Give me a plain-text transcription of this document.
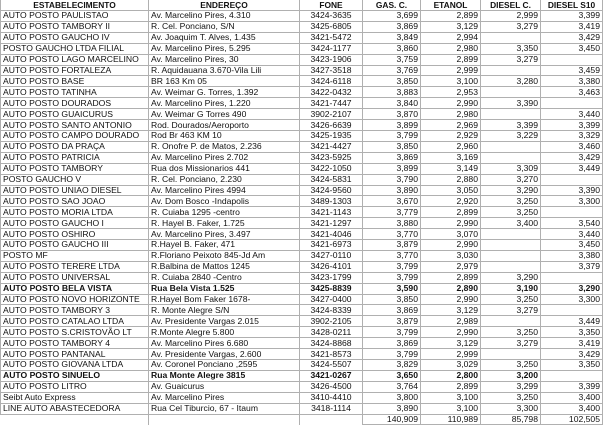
ESTABELECIMENTO	ENDEREÇO	FONE	GAS. C.	ETANOL	DIESEL C.	DIESEL S10
AUTO POSTO PAULISTAO	Av. Marcelino Pires, 4.310	3424-3635	3,699	2,899	2,999	3,399
AUTO POSTO TAMBORY II	R. Cel. Ponciano, S/N	3425-6805	3,869	3,129	3,279	3,419
AUTO POSTO GAUCHO IV	Av. Joaquim T. Alves, 1.435	3421-5472	3,849	2,994		3,429
POSTO GAUCHO LTDA FILIAL	Av. Marcelino Pires, 5.295	3424-1177	3,860	2,980	3,350	3,450
AUTO POSTO LAGO MARCELINO	Av. Marcelino Pires, 30	3423-1906	3,759	2,899	3,279	
AUTO POSTO FORTALEZA	R. Aquidauana 3.670-Vila Lili	3427-3518	3,769	2,999		3,459
AUTO POSTO BASE	BR 163 Km 05	3424-6118	3,850	3,100	3,280	3,380
AUTO POSTO TATINHA	Av. Weimar G. Torres, 1.392	3422-0432	3,883	2,953		3,463
AUTO POSTO DOURADOS	Av. Marcelino Pires, 1.220	3421-7447	3,840	2,990	3,390	
AUTO POSTO GUAICURUS	Av. Weimar G Torres 490	3902-2107	3,870	2,980		3,440
AUTO POSTO SANTO ANTONIO	Rod. Dourados/Aeroporto	3426-6639	3,899	2,969	3,399	3,399
AUTO POSTO CAMPO DOURADO	Rod Br 463 KM 10	3425-1935	3,799	2,929	3,229	3,329
AUTO POSTO DA PRAÇA	R. Onofre P. de Matos, 2.236	3421-4427	3,850	2,960		3,460
AUTO POSTO PATRICIA	Av. Marcelino Pires 2.702	3423-5925	3,869	3,169		3,429
AUTO POSTO TAMBORY	Rua dos Missionarios 441	3422-1050	3,899	3,149	3,309	3,449
POSTO GAUCHO V	R. Cel. Ponciano, 2.230	3424-5831	3,790	2,880	3,270	
AUTO POSTO UNIAO DIESEL	Av. Marcelino Pires 4994	3424-9560	3,890	3,050	3,290	3,390
AUTO POSTO SAO JOAO	Av. Dom Bosco -Indapolis	3489-1303	3,670	2,920	3,250	3,300
AUTO POSTO MORIA LTDA	R. Cuiaba 1295 -centro	3421-1143	3,779	2,899	3,250	
AUTO POSTO GAUCHO I	R. Hayel B. Faker, 1.725	3421-1297	3,880	2,990	3,400	3,540
AUTO POSTO OSHIRO	Av. Marcelino Pires, 3.497	3421-4046	3,770	3,070		3,440
AUTO POSTO GAUCHO III	R.Hayel B. Faker, 471	3421-6973	3,879	2,990		3,450
POSTO MF	R.Floriano Peixoto 845-Jd Am	3427-0110	3,770	3,030		3,380
AUTO POSTO TERERE LTDA	R.Balbina de Mattos 1245	3426-4101	3,799	2,979		3,379
AUTO POSTO UNIVERSAL	R. Cuiaba 2840 -Centro	3423-1799	3,799	2,899	3,290	
AUTO POSTO BELA VISTA	Rua Bela Vista 1.525	3425-8839	3,590	2,890	3,190	3,290
AUTO POSTO NOVO HORIZONTE	R.Hayel Bom Faker 1678-	3427-0400	3,850	2,990	3,250	3,300
AUTO POSTO TAMBORY 3	R. Monte Alegre S/N	3424-8339	3,869	3,129	3,279	
AUTO POSTO CATALAO LTDA	Av. Presidente Vargas 2.015	3902-2105	3,879	2,989		3,449
AUTO POSTO S.CRISTOVÃO LT	R.Monte Alegre 5.800	3428-0211	3,799	2,990	3,250	3,350
AUTO POSTO TAMBORY 4	Av. Marcelino Pires 6.680	3424-8868	3,869	3,129	3,279	3,419
AUTO POSTO PANTANAL	Av. Presidente Vargas, 2.600	3421-8573	3,799	2,999		3,429
AUTO POSTO GIOVANA LTDA	Av. Coronel Ponciano ,2595	3424-5507	3,829	3,029	3,250	3,350
AUTO POSTO SINUELO	Rua Monte Alegre 3815	3421-0267	3,650	2,800	3,200	
AUTO POSTO LITRO	Av. Guaicurus	3426-4500	3,764	2,899	3,299	3,399
Seibt Auto Express	Av. Marcelino Pires	3410-4410	3,800	3,100	3,250	3,400
LINE AUTO ABASTECEDORA	Rua Cel Tiburcio, 67 - Itaum	3418-1114	3,890	3,100	3,300	3,400
			140,909	110,989	85,798	102,505
